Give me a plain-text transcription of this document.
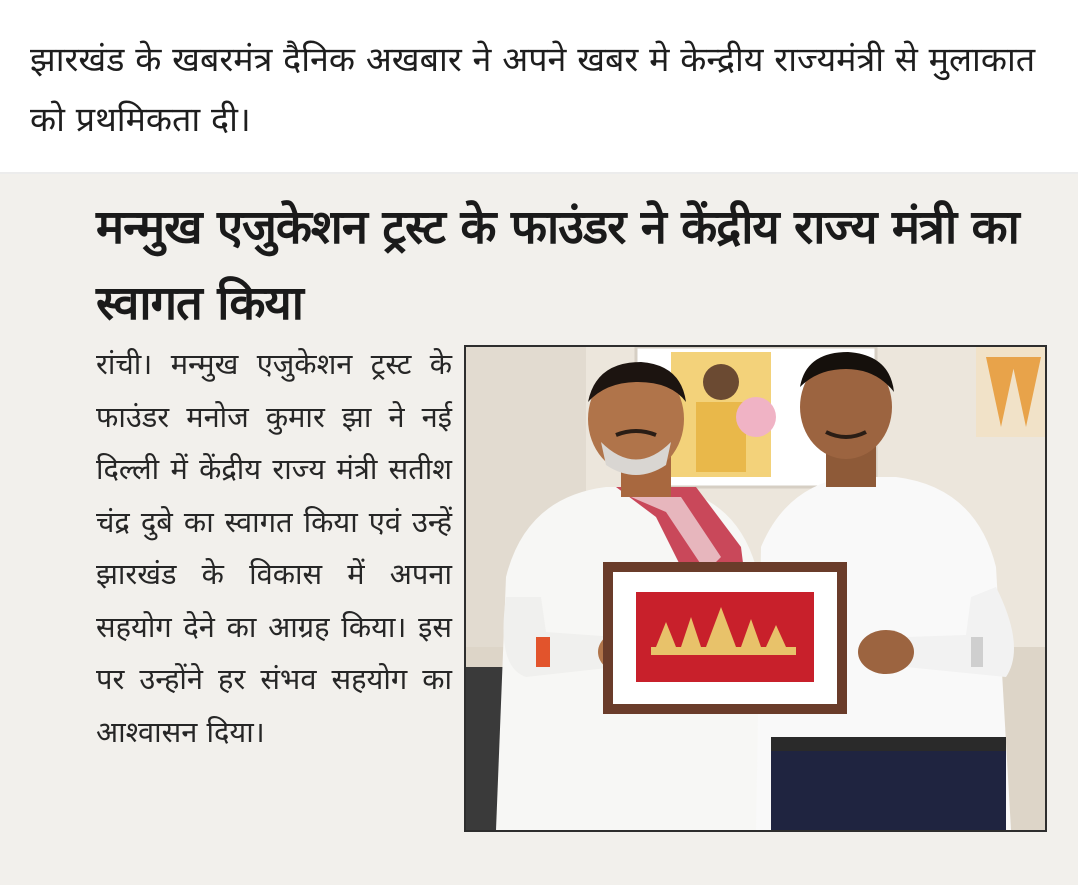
झारखंड के खबरमंत्र दैनिक अखबार ने अपने खबर मे केन्द्रीय राज्यमंत्री से मुलाकात को प्रथमिकता दी।
मन्मुख एजुकेशन ट्रस्ट के फाउंडर ने केंद्रीय राज्य मंत्री का स्वागत किया
रांची। मन्मुख एजुकेशन ट्रस्ट के फाउंडर मनोज कुमार झा ने नई दिल्ली में केंद्रीय राज्य मंत्री सतीश चंद्र दुबे का स्वागत किया एवं उन्हें झारखंड के विकास में अपना सहयोग देने का आग्रह किया। इस पर उन्होंने हर संभव सहयोग का आश्वासन दिया।
